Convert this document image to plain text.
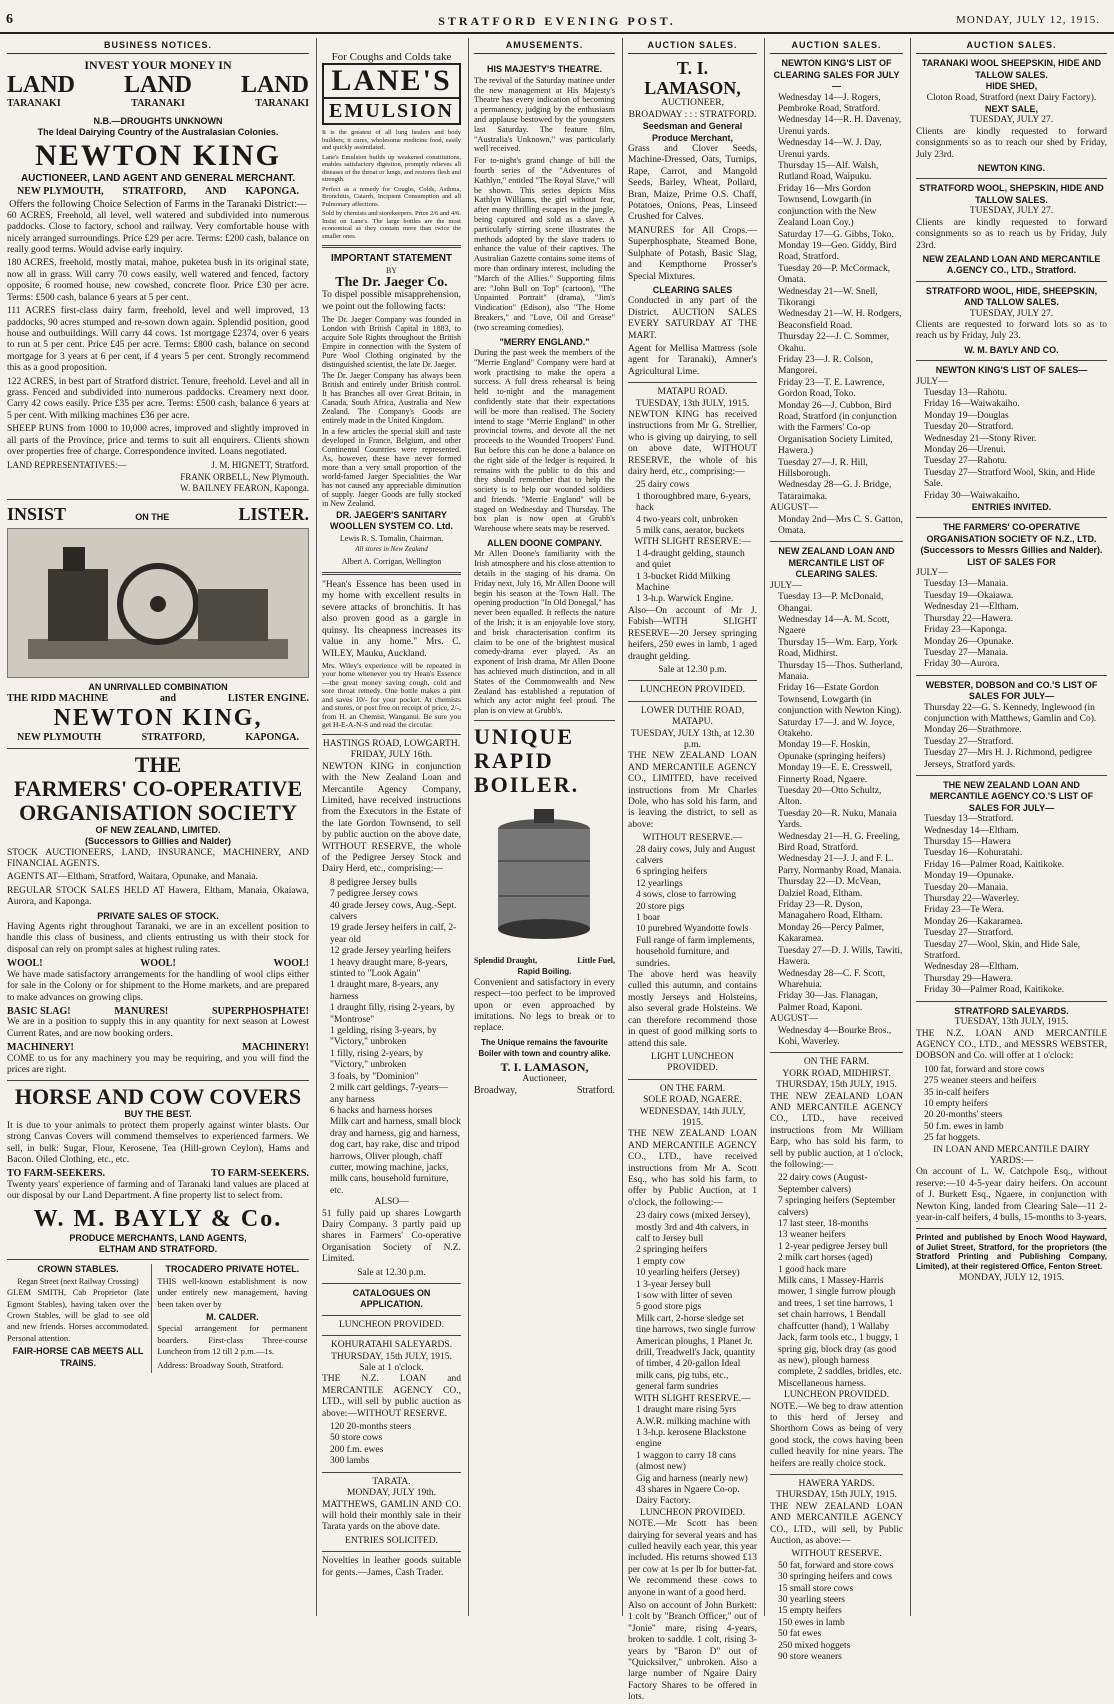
6	STRATFORD EVENING POST.	MONDAY, JULY 12, 1915.
BUSINESS NOTICES.
INVEST YOUR MONEY IN
LAND LAND LAND
TARANAKI	TARANAKI	TARANAKI
N.B.—DROUGHTS UNKNOWN
The Ideal Dairying Country of the Australasian Colonies.
NEWTON KING
AUCTIONEER, LAND AGENT AND GENERAL MERCHANT.
NEW PLYMOUTH, STRATFORD, AND KAPONGA.
Offers the following Choice Selection of Farms in the Taranaki District:—

60 ACRES, Freehold, all level, well watered and subdivided into numerous paddocks. Close to factory, school and railway. Very comfortable house with nicely arranged surroundings. Price £29 per acre. Terms: £200 cash, balance on really good terms. Would advise early inquiry.

180 ACRES, freehold, mostly matai, mahoe, puketea bush in its original state, now all in grass. Will carry 70 cows easily, well watered and fenced, factory opposite, 6 roomed house, new cowshed, concrete floor. Price £30 per acre. Terms: £500 cash, balance 6 years at 5 per cent.

111 ACRES first-class dairy farm, freehold, level and well improved, 13 paddocks, 90 acres stumped and re-sown down again. Splendid position, good house and outbuildings. Will carry 44 cows. 1st mortgage £2374, over 6 years to run at 5 per cent. Price £45 per acre. Terms: £800 cash, balance on second mortgage for 3 years at 6 per cent, if 4 years 5 per cent. Strongly recommend this as a good proposition.

122 ACRES, in best part of Stratford district. Tenure, freehold. Level and all in grass. Fenced and subdivided into numerous paddocks. Creamery next door. Carry 42 cows easily. Price £35 per acre. Terms: £500 cash, balance 6 years at 5 per cent. With milking machines £36 per acre.

SHEEP RUNS from 1000 to 10,000 acres, improved and slightly improved in all parts of the Province, price and terms to suit all enquirers. Clients shown over properties free of charge. Correspondence invited. Loans negotiated.

LAND REPRESENTATIVES:—	J. M. HIGNETT, Stratford.
FRANK ORBELL, New Plymouth.
W. BAILNEY FEARON, Kaponga.
INSIST	ON THE	LISTER.
AN UNRIVALLED COMBINATION
THE RIDD MACHINE	and	LISTER ENGINE.
NEWTON KING,
NEW PLYMOUTH	STRATFORD,	KAPONGA.
THE
FARMERS' CO-OPERATIVE
ORGANISATION SOCIETY
OF NEW ZEALAND, LIMITED.
(Successors to Gillies and Nalder)

STOCK AUCTIONEERS, LAND, INSURANCE, MACHINERY, AND FINANCIAL AGENTS.

AGENTS AT—Eltham, Stratford, Waitara, Opunake, and Manaia.

REGULAR STOCK SALES HELD AT Hawera, Eltham, Manaia, Okaiawa, Aurora, and Kaponga.

PRIVATE SALES OF STOCK.

Having Agents right throughout Taranaki, we are in an excellent position to handle this class of business, and clients entrusting us with their stock for disposal can rely on prompt sales at highest ruling rates.

WOOL!	WOOL!	WOOL!

We have made satisfactory arrangements for the handling of wool clips either for sale in the Colony or for shipment to the Home markets, and are prepared to make advances on growing clips.

BASIC SLAG!	MANURES!	SUPERPHOSPHATE!

We are in a position to supply this in any quantity for next season at Lowest Current Rates, and are now booking orders.

MACHINERY!	MACHINERY!

COME to us for any machinery you may be requiring, and you will find the prices are right.

HORSE AND COW COVERS
BUY THE BEST.

It is due to your animals to protect them properly against winter blasts. Our strong Canvas Covers will commend themselves to experienced farmers. We sell, in bulk: Sugar, Flour, Kerosene, Tea (Hill-grown Ceylon), Hams and Bacon. Oiled Clothing, etc., etc.

TO FARM-SEEKERS.	TO FARM-SEEKERS.

Twenty years' experience of farming and of Taranaki land values are placed at our disposal by our Land Department. A fine property list to select from.

W. M. BAYLY & Co.
PRODUCE MERCHANTS, LAND AGENTS,
ELTHAM AND STRATFORD.
CROWN STABLES.
Regan Street (next Railway Crossing)

GLEM SMITH, Cab Proprietor (late Egmont Stables), having taken over the Crown Stables, will be glad to see old and new friends. Horses accommodated. Personal attention.

FAIR-HORSE CAB MEETS ALL TRAINS.

TROCADERO PRIVATE HOTEL.

THIS well-known establishment is now under entirely new management, having been taken over by

M. CALDER.

Special arrangement for permanent boarders. First-class Three-course Luncheon from 12 till 2 p.m.—1s.

Address: Broadway South, Stratford.

For Coughs and Colds take
LANE'S
EMULSION

It is the greatest of all lung healers and body builders; it cures, wholesome medicine food, easily and quickly assimilated.

Lane's Emulsion builds up weakened constitutions, enables satisfactory digestion, promptly relieves all diseases of the throat or lungs, and restores flesh and strength.

Perfect as a remedy for Coughs, Colds, Asthma, Bronchitis, Catarrh, Incipient Consumption and all Pulmonary affections.

Sold by chemists and storekeepers. Price 2/6 and 4/6. Insist on Lane's. The large bottles are the most economical as they contain more than twice the smaller ones.

IMPORTANT STATEMENT
BY
The Dr. Jaeger Co.

To dispel possible misapprehension, we point out the following facts:

The Dr. Jaeger Company was founded in London with British Capital in 1883, to acquire Sole Rights throughout the British Empire in connection with the System of Pure Wool Clothing originated by the distinguished scientist, the late Dr. Jaeger.

The Dr. Jaeger Company has always been British and entirely under British control. It has Branches all over Great Britain, in Canada, South Africa, Australia and New Zealand. The Company's Goods are entirely made in the United Kingdom.

In a few articles the special skill and taste developed in France, Belgium, and other Continental Countries were represented. As, however, these have never formed more than a very small proportion of the world-famed Jaeger Specialities the War has not caused any appreciable diminution of supply. Jaeger Goods are fully stocked in New Zealand.

DR. JAEGER'S SANITARY WOOLLEN SYSTEM CO. Ltd.
Lewis R. S. Tomalin, Chairman.
All stores in New Zealand
Albert A. Corrigan, Wellington

"Hean's Essence has been used in my home with excellent results in severe attacks of bronchitis. It has also proven good as a gargle in quinsy. Its cheapness increases its value in any home." Mrs. C. WILEY, Mauku, Auckland.

Mrs. Wiley's experience will be repeated in your home whenever you try Hean's Essence—the great money saving cough, cold and sore throat remedy. One bottle makes a pint and saves 10/- for your pocket. At chemists and stores, or post free on receipt of price, 2/-, from H. an Chemist, Wanganui. Be sure you get H-E-A-N-S and read the circular.

HASTINGS ROAD, LOWGARTH.
FRIDAY, JULY 16th.

NEWTON KING in conjunction with the New Zealand Loan and Mercantile Agency Company, Limited, have received instructions from the Executors in the Estate of the late Gordon Townsend, to sell by public auction on the above date, WITHOUT RESERVE, the whole of the Pedigree Jersey Stock and Dairy Herd, etc., comprising:—

8 pedigree Jersey bulls
7 pedigree Jersey cows
40 grade Jersey cows, Aug.-Sept. calvers
19 grade Jersey heifers in calf, 2-year old
12 grade Jersey yearling heifers
1 heavy draught mare, 8-years, stinted to "Look Again"
1 draught mare, 8-years, any harness
1 draught filly, rising 2-years, by "Montrose"
1 gelding, rising 3-years, by "Victory," unbroken
1 filly, rising 2-years, by "Victory," unbroken
3 foals, by "Dominion"
2 milk cart geldings, 7-years—any harness
6 hacks and harness horses
Milk cart and harness, small block dray and harness, gig and harness, dog cart, hay rake, disc and tripod harrows, Oliver plough, chaff cutter, mowing machine, jacks, milk cans, household furniture, etc.
ALSO—

51 fully paid up shares Lowgarth Dairy Company. 3 partly paid up shares in Farmers' Co-operative Organisation Society of N.Z. Limited.

Sale at 12.30 p.m.
CATALOGUES ON APPLICATION.
LUNCHEON PROVIDED.
KOHURATAHI SALEYARDS.
THURSDAY, 15th JULY, 1915.
Sale at 1 o'clock.

THE N.Z. LOAN and MERCANTILE AGENCY CO., LTD., will sell by public auction as above:—WITHOUT RESERVE.

120 20-months steers
50 store cows
200 f.m. ewes
300 lambs
TARATA.
MONDAY, JULY 19th.

MATTHEWS, GAMLIN AND CO. will hold their monthly sale in their Tarata yards on the above date.

ENTRIES SOLICITED.

Novelties in leather goods suitable for gents.—James, Cash Trader.

AMUSEMENTS.
HIS MAJESTY'S THEATRE.

The revival of the Saturday matinee under the new management at His Majesty's Theatre has every indication of becoming a permanency, judging by the enthusiasm and applause bestowed by the youngsters last Saturday. The feature film, "Australia's Unknown," was particularly well received.

For to-night's grand change of bill the fourth series of the "Adventures of Kathlyn," entitled "The Royal Slave," will be shown. This series depicts Miss Kathlyn Williams, the girl without fear, after many thrilling escapes in the jungle, being captured and sold as a slave. A particularly stirring scene illustrates the methods adopted by the slave traders to enhance the value of their captives. The Australian Gazette contains some items of more than ordinary interest, including the "March of the Allies." Supporting films are: "John Bull on Top" (cartoon), "The Unpainted Portrait" (drama), "Jim's Vindication" (Edison), also "The Home Breakers," and "Love, Oil and Grease" (two screaming comedies).

"MERRY ENGLAND."

During the past week the members of the "Merrie England" Company were hard at work practising to make the opera a success. A full dress rehearsal is being held to-night and the management confidently state that their expectations will be more than realised. The Society intend to stage "Merrie England" in other provincial towns, and devote all the net proceeds to the Wounded Troopers' Fund. But before this can be done a balance on the right side of the ledger is required. It remains with the public to do this and they should remember that to help the society is to help our wounded soldiers and friends. "Merrie England" will be staged on Wednesday and Thursday. The box plan is now open at Grubb's Warehouse where seats may be reserved.

ALLEN DOONE COMPANY.

Mr Allen Doone's familiarity with the Irish atmosphere and his close attention to details in the staging of his drama. On Friday next, July 16, Mr Allen Doone will begin his season at the Town Hall. The opening production "In Old Donegal," has never been equalled. It reflects the nature of the Irish; it is an enjoyable love story, and brisk characterisation confirm its claim to be one of the brightest musical comedy-drama ever played. As an exponent of Irish drama, Mr Allen Doone has achieved much distinction, and in all States of the Commonwealth and New Zealand has established a reputation of which any actor might feel proud. The plan is on view at Grubb's.

UNIQUE
RAPID
BOILER.
Splendid Draught,	Little Fuel,
Rapid Boiling.

Convenient and satisfactory in every respect—too perfect to be improved upon or even approached by imitations. No legs to break or to replace.

The Unique remains the favourite Boiler with town and country alike.
T. I. LAMASON,
Auctioneer,
Broadway,	Stratford.
AUCTION SALES.
T. I. LAMASON,
AUCTIONEER,
BROADWAY : : : STRATFORD.
Seedsman and General Produce Merchant,

Grass and Clover Seeds, Machine-Dressed, Oats, Turnips, Rape, Carrot, and Mangold Seeds, Barley, Wheat, Pollard, Bran, Maize, Prime O.S. Chaff, Potatoes, Onions, Peas, Linseed Crushed for Calves.

MANURES for All Crops.—Superphosphate, Steamed Bone, Sulphate of Potash, Basic Slag, and Kempthorne Prosser's Special Mixtures.

CLEARING SALES

Conducted in any part of the District. AUCTION SALES EVERY SATURDAY AT THE MART.

Agent for Mellisa Mattress (sole agent for Taranaki), Amner's Agricultural Lime.

MATAPU ROAD.
TUESDAY, 13th JULY, 1915.

NEWTON KING has received instructions from Mr G. Strellier, who is giving up dairying, to sell on above date, WITHOUT RESERVE, the whole of his dairy herd, etc., comprising:—

25 dairy cows
1 thoroughbred mare, 6-years, hack
4 two-years colt, unbroken
5 milk cans, aerator, buckets
WITH SLIGHT RESERVE:—
1 4-draught gelding, staunch and quiet
1 3-bucket Ridd Milking Machine
1 3-h.p. Warwick Engine.

Also—On account of Mr J. Fabish—WITH SLIGHT RESERVE—20 Jersey springing heifers, 250 ewes in lamb, 1 aged draught gelding.

Sale at 12.30 p.m.
LUNCHEON PROVIDED.
LOWER DUTHIE ROAD, MATAPU.
TUESDAY, JULY 13th, at 12.30 p.m.

THE NEW ZEALAND LOAN AND MERCANTILE AGENCY CO., LIMITED, have received instructions from Mr Charles Dole, who has sold his farm, and is leaving the district, to sell as above:

WITHOUT RESERVE.—
28 dairy cows, July and August calvers
6 springing heifers
12 yearlings
4 sows, close to farrowing
20 store pigs
1 boar
10 purebred Wyandotte fowls
Full range of farm implements, household furniture, and sundries.

The above herd was heavily culled this autumn, and contains mostly Jerseys and Holsteins, also several grade Holsteins. We can therefore recommend those in quest of good milking sorts to attend this sale.

LIGHT LUNCHEON PROVIDED.
ON THE FARM.
SOLE ROAD, NGAERE.
WEDNESDAY, 14th JULY, 1915.

THE NEW ZEALAND LOAN AND MERCANTILE AGENCY CO., LTD., have received instructions from Mr A. Scott Esq., who has sold his farm, to offer by Public Auction, at 1 o'clock, the following:—

23 dairy cows (mixed Jersey), mostly 3rd and 4th calvers, in calf to Jersey bull
2 springing heifers
1 empty cow
10 yearling heifers (Jersey)
1 3-year Jersey bull
1 sow with litter of seven
5 good store pigs
Milk cart, 2-horse sledge set tine harrows, two single furrow American ploughs, 1 Planet Jr. drill, Treadwell's Jack, quantity of timber, 4 20-gallon Ideal milk cans, pig tubs, etc., general farm sundries
WITH SLIGHT RESERVE.—
1 draught mare rising 5yrs
A.W.R. milking machine with 1 3-h.p. kerosene Blackstone engine
1 waggon to carry 18 cans (almost new)
Gig and harness (nearly new)
43 shares in Ngaere Co-op. Dairy Factory.
LUNCHEON PROVIDED.

NOTE.—Mr Scott has been dairying for several years and has culled heavily each year, this year included. His returns showed £13 per cow at 1s per lb for butter-fat. We recommend these cows to anyone in want of a good herd.

Also on account of John Burkett: 1 colt by "Branch Officer," out of "Jonie" mare, rising 4-years, broken to saddle. 1 colt, rising 3-years by "Baron D" out of "Quicksilver," unbroken. Also a large number of Ngaire Dairy Factory Shares to be offered in lots.

AUCTION SALES.
NEWTON KING'S LIST OF CLEARING SALES FOR JULY—
Wednesday 14—J. Rogers, Pembroke Road, Stratford.
Wednesday 14—R. H. Davenay, Urenui yards.
Wednesday 14—W. J. Day, Urenui yards.
Thursday 15—Alf. Walsh, Rutland Road, Waipuku.
Friday 16—Mrs Gordon Townsend, Lowgarth (in conjunction with the New Zealand Loan Coy.)
Saturday 17—G. Gibbs, Toko.
Monday 19—Geo. Giddy, Bird Road, Stratford.
Tuesday 20—P. McCormack, Omata.
Wednesday 21—W. Snell, Tikorangi
Wednesday 21—W. H. Rodgers, Beaconsfield Road.
Thursday 22—J. C. Sommer, Okahu.
Friday 23—J. R. Colson, Mangorei.
Friday 23—T. E. Lawrence, Gordon Road, Toko.
Monday 26—J. Cubbon, Bird Road, Stratford (in conjunction with the Farmers' Co-op Organisation Society Limited, Hawera.)
Tuesday 27—J. R. Hill, Hillsborough.
Wednesday 28—G. J. Bridge, Tataraimaka.
AUGUST—
Monday 2nd—Mrs C. S. Gatton, Omata.
NEW ZEALAND LOAN AND MERCANTILE LIST OF CLEARING SALES.
JULY—
Tuesday 13—P. McDonald, Ohangai.
Wednesday 14—A. M. Scott, Ngaere
Thursday 15—Wm. Earp, York Road, Midhirst.
Thursday 15—Thos. Sutherland, Manaia.
Friday 16—Estate Gordon Townsend, Lowgarth (in conjunction with Newton King).
Saturday 17—J. and W. Joyce, Otakeho.
Monday 19—F. Hoskin, Opunake (springing heifers)
Monday 19—E. E. Cresswell, Finnerty Road, Ngaere.
Tuesday 20—Otto Schultz, Alton.
Tuesday 20—R. Nuku, Manaia Yards.
Wednesday 21—H. G. Freeling, Bird Road, Stratford.
Wednesday 21—J. J. and F. L. Parry, Normanby Road, Manaia.
Thursday 22—D. McVean, Dalziel Road, Eltham.
Friday 23—R. Dyson, Managahero Road, Eltham.
Monday 26—Percy Palmer, Kakaramea.
Tuesday 27—D. J. Wills, Tawiti, Hawera.
Wednesday 28—C. F. Scott, Wharehuia.
Friday 30—Jas. Flanagan, Palmer Road, Kaponi.
AUGUST—
Wednesday 4—Bourke Bros., Kohi, Waverley.
ON THE FARM.
YORK ROAD, MIDHIRST.
THURSDAY, 15th JULY, 1915.

THE NEW ZEALAND LOAN AND MERCANTILE AGENCY CO., LTD., have received instructions from Mr William Earp, who has sold his farm, to sell by public auction, at 1 o'clock, the following:—

22 dairy cows (August-September calvers)
7 springing heifers (September calvers)
17 last steer, 18-months
13 weaner heifers
1 2-year pedigree Jersey bull
2 milk cart horses (aged)
1 good hack mare
Milk cans, 1 Massey-Harris mower, 1 single furrow plough and trees, 1 set tine harrows, 1 set chain harrows, 1 Bendall chaffcutter (hand), 1 Wallaby Jack, farm tools etc., 1 buggy, 1 spring gig, block dray (as good as new), plough harness complete, 2 saddles, bridles, etc. Miscellaneous harness.
LUNCHEON PROVIDED.

NOTE.—We beg to draw attention to this herd of Jersey and Shorthorn Cows as being of very good stock, the cows having been culled heavily for nine years. The heifers are really choice stock.

HAWERA YARDS.
THURSDAY, 15th JULY, 1915.

THE NEW ZEALAND LOAN AND MERCANTILE AGENCY CO., LTD., will sell, by Public Auction, as above:—

WITHOUT RESERVE.
50 fat, forward and store cows
30 springing heifers and cows
15 small store cows
30 yearling steers
15 empty heifers
150 ewes in lamb
50 fat ewes
250 mixed hoggets
90 store weaners
AUCTION SALES.
TARANAKI WOOL SHEEPSKIN, HIDE AND TALLOW SALES.
HIDE SHED,
Cloton Road, Stratford (next Dairy Factory).
NEXT SALE,
TUESDAY, JULY 27.

Clients are kindly requested to forward consignments so as to reach our shed by Friday, July 23rd.

NEWTON KING.
STRATFORD WOOL, SHEPSKIN, HIDE AND TALLOW SALES.
TUESDAY, JULY 27.

Clients are kindly requested to forward consignments so as to reach us by Friday, July 23rd.

NEW ZEALAND LOAN AND MERCANTILE A.GENCY CO., LTD., Stratford.
STRATFORD WOOL, HIDE, SHEEPSKIN, AND TALLOW SALES.
TUESDAY, JULY 27.

Clients are requested to forward lots so as to reach us by Friday, July 23.

W. M. BAYLY AND CO.
NEWTON KING'S LIST OF SALES—
JULY—
Tuesday 13—Rahotu.
Friday 16—Waiwakaiho.
Monday 19—Douglas
Tuesday 20—Stratford.
Wednesday 21—Stony River.
Monday 26—Urenui.
Tuesday 27—Rahotu.
Tuesday 27—Stratford Wool, Skin, and Hide Sale.
Friday 30—Waiwakaiho.
ENTRIES INVITED.
THE FARMERS' CO-OPERATIVE ORGANISATION SOCIETY OF N.Z., LTD. (Successors to Messrs Gillies and Nalder).
LIST OF SALES FOR
JULY—
Tuesday 13—Manaia.
Tuesday 19—Okaiawa.
Wednesday 21—Eltham.
Thursday 22—Hawera.
Friday 23—Kaponga.
Monday 26—Opunake.
Tuesday 27—Manaia.
Friday 30—Aurora.
WEBSTER, DOBSON and CO.'S LIST OF SALES FOR JULY—
Thursday 22—G. S. Kennedy, Inglewood (in conjunction with Matthews, Gamlin and Co).
Monday 26—Strathmore.
Tuesday 27—Stratford.
Tuesday 27—Mrs H. J. Richmond, pedigree Jerseys, Stratford yards.
THE NEW ZEALAND LOAN AND MERCANTILE AGENCY CO.'S LIST OF SALES FOR JULY—
Tuesday 13—Stratford.
Wednesday 14—Eltham.
Thursday 15—Hawera
Tuesday 16—Kohuratahi.
Friday 16—Palmer Road, Kaitikoke.
Monday 19—Opunake.
Tuesday 20—Manaia.
Thursday 22—Waverley.
Friday 23—Te Wera.
Monday 26—Kakaramea.
Tuesday 27—Stratford.
Tuesday 27—Wool, Skin, and Hide Sale, Stratford.
Wednesday 28—Eltham.
Thursday 29—Hawera.
Friday 30—Palmer Road, Kaitikoke.
STRATFORD SALEYARDS.
TUESDAY, 13th JULY, 1915.

THE N.Z. LOAN AND MERCANTILE AGENCY CO., LTD., and MESSRS WEBSTER, DOBSON and Co. will offer at 1 o'clock:

100 fat, forward and store cows
275 weaner steers and heifers
35 in-calf heifers
10 empty heifers
20 20-months' steers
50 f.m. ewes in lamb
25 fat hoggets.
IN LOAN AND MERCANTILE DAIRY YARDS:—

On account of L. W. Catchpole Esq., without reserve:—10 4-5-year dairy heifers. On account of J. Burkett Esq., Ngaere, in conjunction with Newton King, landed from Clearing Sale—11 2-year-in-calf heifers, 4 bulls, 15-months to 3-years.

Printed and published by Enoch Wood Hayward, of Juliet Street, Stratford, for the proprietors (the Stratford Printing and Publishing Company, Limited), at their registered Office, Fenton Street.

MONDAY, JULY 12, 1915.
